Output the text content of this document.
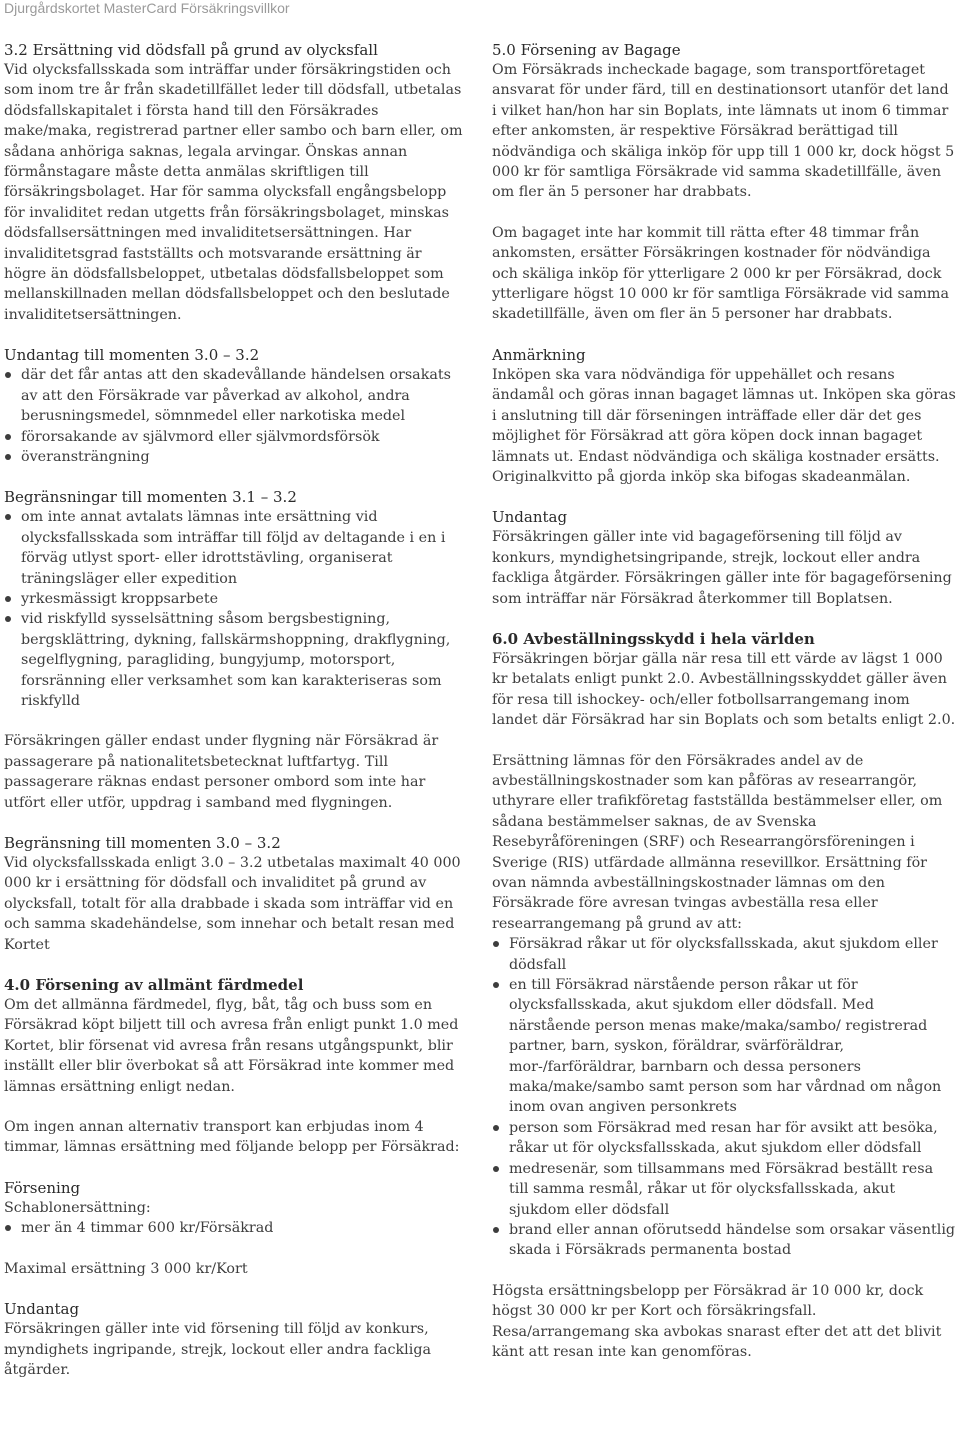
Djurgårdskortet MasterCard Försäkringsvillkor
3.2 Ersättning vid dödsfall på grund av olycksfall

Vid olycksfallsskada som inträffar under försäkringstiden och som inom tre år från skadetillfället leder till dödsfall, utbetalas dödsfallskapitalet i första hand till den Försäkrades make/maka, registrerad partner eller sambo och barn eller, om sådana anhöriga saknas, legala arvingar. Önskas annan förmånstagare måste detta anmälas skriftligen till försäkringsbolaget. Har för samma olycksfall engångsbelopp för invaliditet redan utgetts från försäkringsbolaget, minskas dödsfallsersättningen med invaliditetsersättningen. Har invaliditetsgrad fastställts och motsvarande ersättning är högre än dödsfallsbeloppet, utbetalas dödsfallsbeloppet som mellanskillnaden mellan dödsfallsbeloppet och den beslutade invaliditetsersättningen.

Undantag till momenten 3.0 – 3.2
där det får antas att den skadevållande händelsen orsakats av att den Försäkrade var påverkad av alkohol, andra berusningsmedel, sömnmedel eller narkotiska medel
förorsakande av självmord eller självmordsförsök
överansträngning
Begränsningar till momenten 3.1 – 3.2
om inte annat avtalats lämnas inte ersättning vid olycksfallsskada som inträffar till följd av deltagande i en i förväg utlyst sport- eller idrottstävling, organiserat träningsläger eller expedition
yrkesmässigt kroppsarbete
vid riskfylld sysselsättning såsom bergsbestigning, bergsklättring, dykning, fallskärmshoppning, drakflygning, segelflygning, paragliding, bungyjump, motorsport, forsränning eller verksamhet som kan karakteriseras som riskfylld

Försäkringen gäller endast under flygning när Försäkrad är passagerare på nationalitetsbetecknat luftfartyg. Till passagerare räknas endast personer ombord som inte har utfört eller utför, uppdrag i samband med flygningen.

Begränsning till momenten 3.0 – 3.2

Vid olycksfallsskada enligt 3.0 – 3.2 utbetalas maximalt 40 000 000 kr i ersättning för dödsfall och invaliditet på grund av olycksfall, totalt för alla drabbade i skada som inträffar vid en och samma skadehändelse, som innehar och betalt resan med Kortet

4.0 Försening av allmänt färdmedel

Om det allmänna färdmedel, flyg, båt, tåg och buss som en Försäkrad köpt biljett till och avresa från enligt punkt 1.0 med Kortet, blir försenat vid avresa från resans utgångspunkt, blir inställt eller blir överbokat så att Försäkrad inte kommer med lämnas ersättning enligt nedan.

Om ingen annan alternativ transport kan erbjudas inom 4 timmar, lämnas ersättning med följande belopp per Försäkrad:

Försening

Schablonersättning:

mer än 4 timmar 600 kr/Försäkrad

Maximal ersättning 3 000 kr/Kort

Undantag

Försäkringen gäller inte vid försening till följd av konkurs, myndighets ingripande, strejk, lockout eller andra fackliga åtgärder.

5.0 Försening av Bagage

Om Försäkrads incheckade bagage, som transportföretaget ansvarat för under färd, till en destinationsort utanför det land i vilket han/hon har sin Boplats, inte lämnats ut inom 6 timmar efter ankomsten, är respektive Försäkrad berättigad till nödvändiga och skäliga inköp för upp till 1 000 kr, dock högst 5 000 kr för samtliga Försäkrade vid samma skadetillfälle, även om fler än 5 personer har drabbats.

Om bagaget inte har kommit till rätta efter 48 timmar från ankomsten, ersätter Försäkringen kostnader för nödvändiga och skäliga inköp för ytterligare 2 000 kr per Försäkrad, dock ytterligare högst 10 000 kr för samtliga Försäkrade vid samma skadetillfälle, även om fler än 5 personer har drabbats.

Anmärkning

Inköpen ska vara nödvändiga för uppehället och resans ändamål och göras innan bagaget lämnas ut. Inköpen ska göras i anslutning till där förseningen inträffade eller där det ges möjlighet för Försäkrad att göra köpen dock innan bagaget lämnats ut. Endast nödvändiga och skäliga kostnader ersätts. Originalkvitto på gjorda inköp ska bifogas skadeanmälan.

Undantag

Försäkringen gäller inte vid bagageförsening till följd av konkurs, myndighetsingripande, strejk, lockout eller andra fackliga åtgärder. Försäkringen gäller inte för bagageförsening som inträffar när Försäkrad återkommer till Boplatsen.

6.0 Avbeställningsskydd i hela världen

Försäkringen börjar gälla när resa till ett värde av lägst 1 000 kr betalats enligt punkt 2.0. Avbeställningsskyddet gäller även för resa till ishockey- och/eller fotbollsarrangemang inom landet där Försäkrad har sin Boplats och som betalts enligt 2.0.

Ersättning lämnas för den Försäkrades andel av de avbeställningskostnader som kan påföras av researrangör, uthyrare eller trafikföretag fastställda bestämmelser eller, om sådana bestämmelser saknas, de av Svenska Resebyråföreningen (SRF) och Researrangörsföreningen i Sverige (RIS) utfärdade allmänna resevillkor. Ersättning för ovan nämnda avbeställningskostnader lämnas om den Försäkrade före avresan tvingas avbeställa resa eller researrangemang på grund av att:

Försäkrad råkar ut för olycksfallsskada, akut sjukdom eller dödsfall
en till Försäkrad närstående person råkar ut för olycksfallsskada, akut sjukdom eller dödsfall. Med närstående person menas make/maka/sambo/ registrerad partner, barn, syskon, föräldrar, svärföräldrar, mor-/farföräldrar, barnbarn och dessa personers maka/make/sambo samt person som har vårdnad om någon inom ovan angiven personkrets
person som Försäkrad med resan har för avsikt att besöka, råkar ut för olycksfallsskada, akut sjukdom eller dödsfall
medresenär, som tillsammans med Försäkrad beställt resa till samma resmål, råkar ut för olycksfallsskada, akut sjukdom eller dödsfall
brand eller annan oförutsedd händelse som orsakar väsentlig skada i Försäkrads permanenta bostad

Högsta ersättningsbelopp per Försäkrad är 10 000 kr, dock högst 30 000 kr per Kort och försäkringsfall. Resa/arrangemang ska avbokas snarast efter det att det blivit känt att resan inte kan genomföras.
